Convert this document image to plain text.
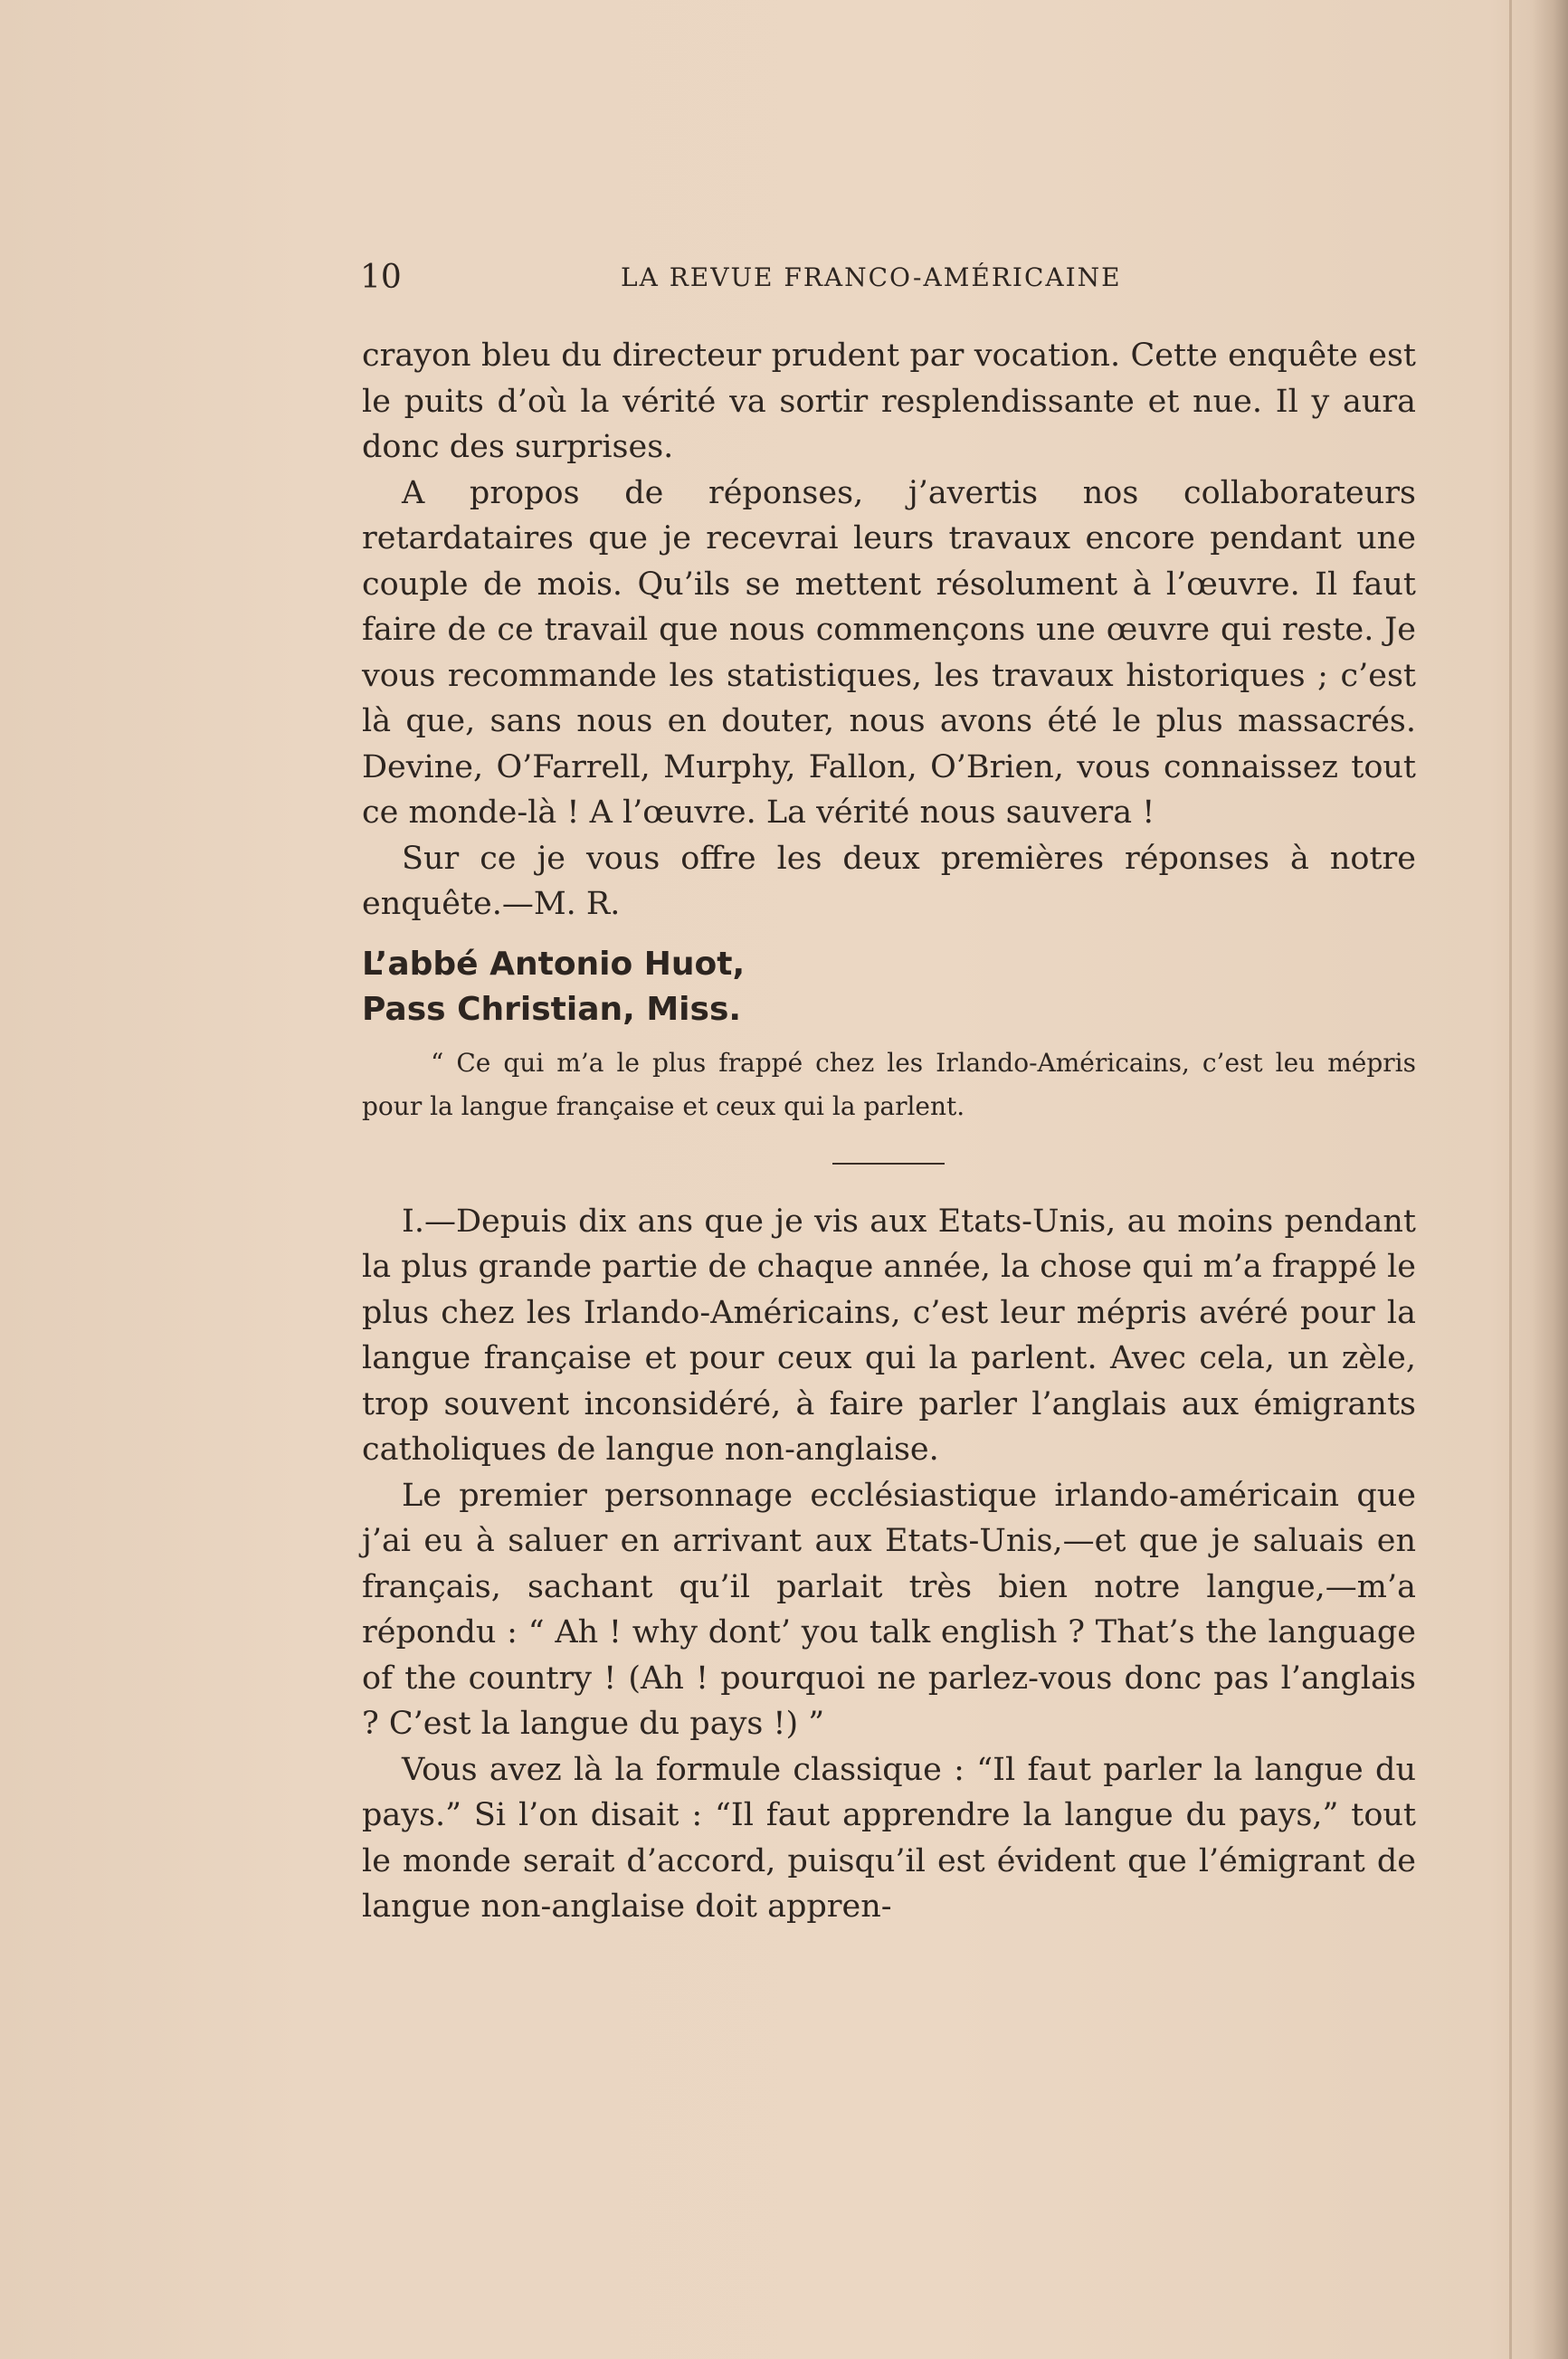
10	LA REVUE FRANCO-AMÉRICAINE

crayon bleu du directeur prudent par vocation. Cette enquête est le puits d’où la vérité va sortir resplendissante et nue. Il y aura donc des surprises.

A propos de réponses, j’avertis nos collaborateurs retardataires que je recevrai leurs travaux encore pendant une couple de mois. Qu’ils se mettent résolument à l’œuvre. Il faut faire de ce travail que nous commençons une œuvre qui reste. Je vous recommande les statistiques, les travaux historiques ; c’est là que, sans nous en douter, nous avons été le plus massacrés. Devine, O’Farrell, Murphy, Fallon, O’Brien, vous connaissez tout ce monde-là ! A l’œuvre. La vérité nous sauvera !

Sur ce je vous offre les deux premières réponses à notre enquête.—M. R.

L’abbé Antonio Huot,
Pass Christian, Miss.

“ Ce qui m’a le plus frappé chez les Irlando-Américains, c’est leu mépris pour la langue française et ceux qui la parlent.

I.—Depuis dix ans que je vis aux Etats-Unis, au moins pendant la plus grande partie de chaque année, la chose qui m’a frappé le plus chez les Irlando-Américains, c’est leur mépris avéré pour la langue française et pour ceux qui la parlent. Avec cela, un zèle, trop souvent inconsidéré, à faire parler l’anglais aux émigrants catholiques de langue non-anglaise.

Le premier personnage ecclésiastique irlando-américain que j’ai eu à saluer en arrivant aux Etats-Unis,—et que je saluais en français, sachant qu’il parlait très bien notre langue,—m’a répondu : “ Ah ! why dont’ you talk english ? That’s the language of the country ! (Ah ! pourquoi ne parlez-vous donc pas l’anglais ? C’est la langue du pays !) ”

Vous avez là la formule classique : “Il faut parler la langue du pays.” Si l’on disait : “Il faut apprendre la langue du pays,” tout le monde serait d’accord, puisqu’il est évident que l’émigrant de langue non-anglaise doit appren-
